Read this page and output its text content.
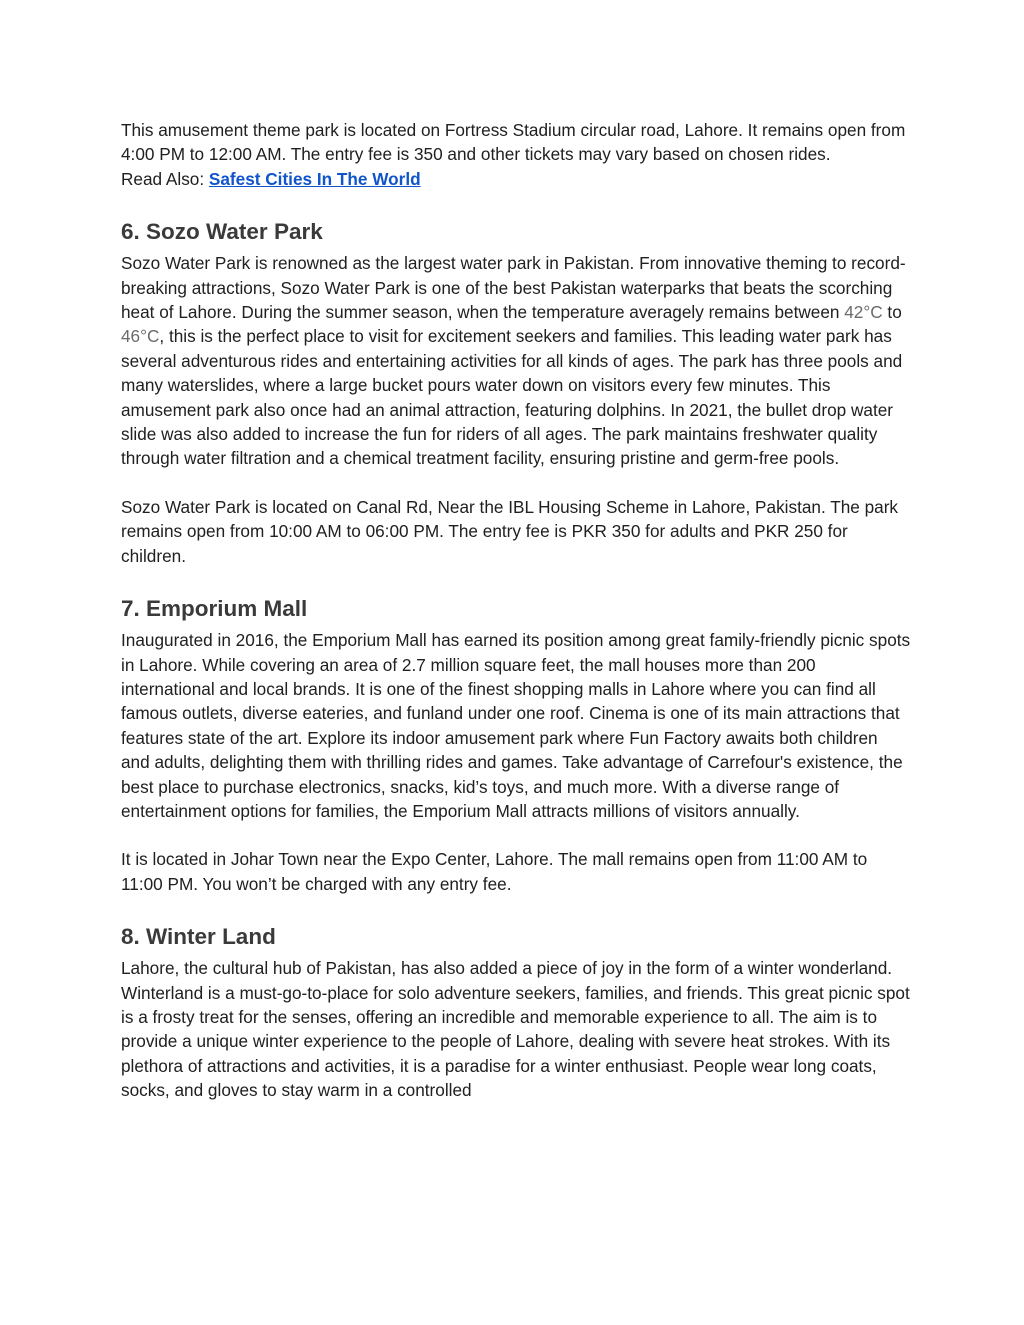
This amusement theme park is located on Fortress Stadium circular road, Lahore. It remains open from 4:00 PM to 12:00 AM. The entry fee is 350 and other tickets may vary based on chosen rides.
Read Also: Safest Cities In The World

6. Sozo Water Park

Sozo Water Park is renowned as the largest water park in Pakistan. From innovative theming to record-breaking attractions, Sozo Water Park is one of the best Pakistan waterparks that beats the scorching heat of Lahore. During the summer season, when the temperature averagely remains between 42°C to 46°C, this is the perfect place to visit for excitement seekers and families. This leading water park has several adventurous rides and entertaining activities for all kinds of ages. The park has three pools and many waterslides, where a large bucket pours water down on visitors every few minutes. This amusement park also once had an animal attraction, featuring dolphins. In 2021, the bullet drop water slide was also added to increase the fun for riders of all ages. The park maintains freshwater quality through water filtration and a chemical treatment facility, ensuring pristine and germ-free pools.

Sozo Water Park is located on Canal Rd, Near the IBL Housing Scheme in Lahore, Pakistan. The park remains open from 10:00 AM to 06:00 PM. The entry fee is PKR 350 for adults and PKR 250 for children.

7. Emporium Mall

Inaugurated in 2016, the Emporium Mall has earned its position among great family-friendly picnic spots in Lahore. While covering an area of 2.7 million square feet, the mall houses more than 200 international and local brands. It is one of the finest shopping malls in Lahore where you can find all famous outlets, diverse eateries, and funland under one roof. Cinema is one of its main attractions that features state of the art. Explore its indoor amusement park where Fun Factory awaits both children and adults, delighting them with thrilling rides and games. Take advantage of Carrefour's existence, the best place to purchase electronics, snacks, kid’s toys, and much more. With a diverse range of entertainment options for families, the Emporium Mall attracts millions of visitors annually.

It is located in Johar Town near the Expo Center, Lahore. The mall remains open from 11:00 AM to 11:00 PM. You won’t be charged with any entry fee.

8. Winter Land

Lahore, the cultural hub of Pakistan, has also added a piece of joy in the form of a winter wonderland. Winterland is a must-go-to-place for solo adventure seekers, families, and friends. This great picnic spot is a frosty treat for the senses, offering an incredible and memorable experience to all. The aim is to provide a unique winter experience to the people of Lahore, dealing with severe heat strokes. With its plethora of attractions and activities, it is a paradise for a winter enthusiast. People wear long coats, socks, and gloves to stay warm in a controlled
